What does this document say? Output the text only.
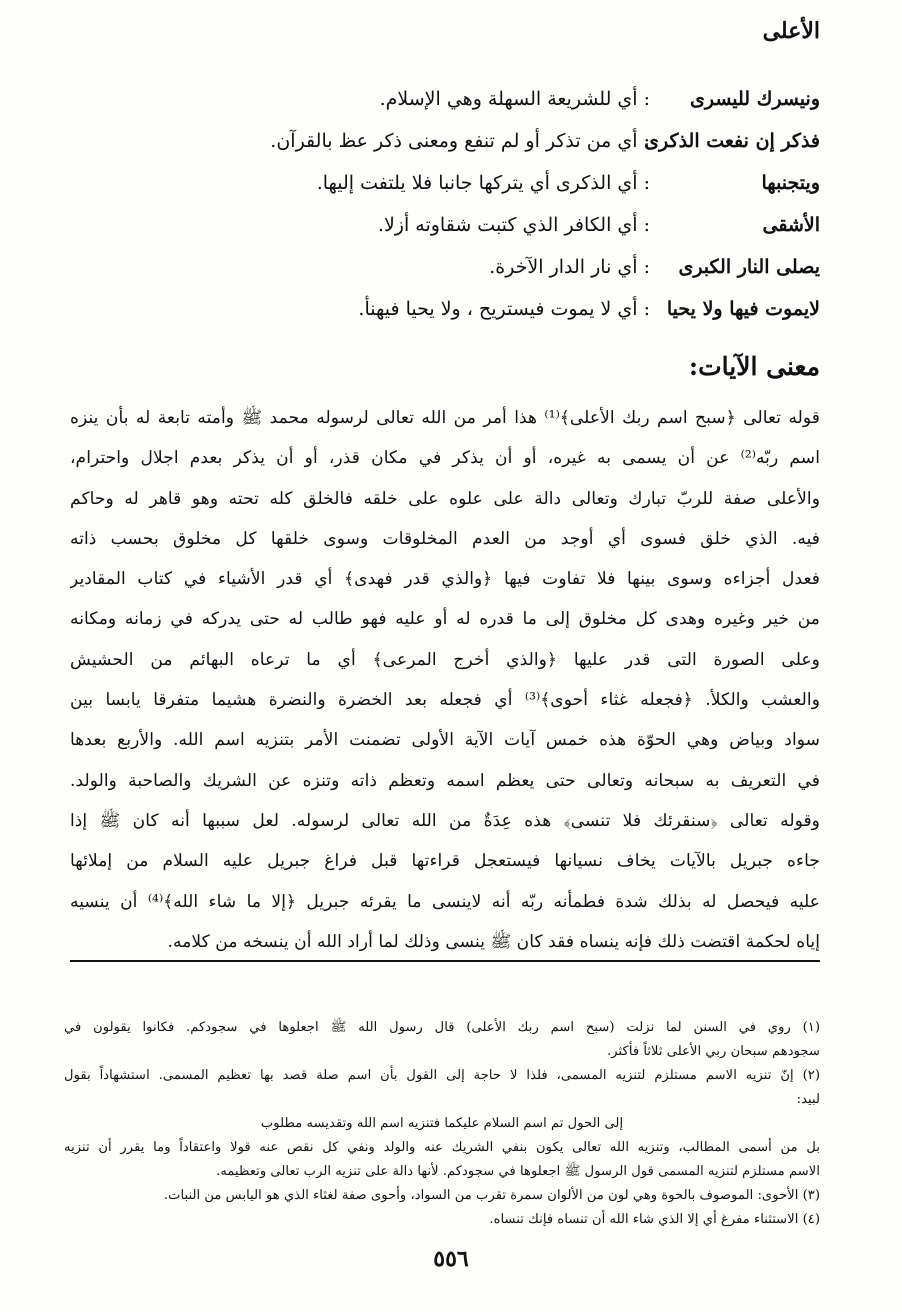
الأعلى
ونيسرك لليسرى
: أي للشريعة السهلة وهي الإسلام.
فذكر إن نفعت الذكرى
: أي من تذكر أو لم تنفع ومعنى ذكر عظ بالقرآن.
ويتجنبها
: أي الذكرى أي يتركها جانبا فلا يلتفت إليها.
الأشقى
: أي الكافر الذي كتبت شقاوته أزلا.
يصلى النار الكبرى
: أي نار الدار الآخرة.
لايموت فيها ولا يحيا
: أي لا يموت فيستريح ، ولا يحيا فيهنأ.
معنى الآيات:
قوله تعالى ﴿سبح اسم ربك الأعلى﴾⁽¹⁾ هذا أمر من الله تعالى لرسوله محمد ﷺ وأمته تابعة له بأن ينزه
اسم ربّه⁽²⁾ عن أن يسمى به غيره، أو أن يذكر في مكان قذر، أو أن يذكر بعدم اجلال واحترام،
والأعلى صفة للربّ تبارك وتعالى دالة على علوه على خلقه فالخلق كله تحته وهو قاهر له وحاكم
فيه. الذي خلق فسوى أي أوجد من العدم المخلوقات وسوى خلقها كل مخلوق بحسب ذاته
فعدل أجزاءه وسوى بينها فلا تفاوت فيها ﴿والذي قدر فهدى﴾ أي قدر الأشياء في كتاب المقادير
من خير وغيره وهدى كل مخلوق إلى ما قدره له أو عليه فهو طالب له حتى يدركه في زمانه ومكانه
وعلى الصورة التى قدر عليها ﴿والذي أخرج المرعى﴾ أي ما ترعاه البهائم من الحشيش
والعشب والكلأ. ﴿فجعله غثاء أحوى﴾⁽³⁾ أي فجعله بعد الخضرة والنضرة هشيما متفرقا يابسا بين
سواد وبياض وهي الحوّة هذه خمس آيات الآية الأولى تضمنت الأمر بتنزيه اسم الله. والأربع بعدها
في التعريف به سبحانه وتعالى حتى يعظم اسمه وتعظم ذاته وتنزه عن الشريك والصاحبة والولد.
وقوله تعالى ﴿سنقرئك فلا تنسى﴾ هذه عِدَةٌ من الله تعالى لرسوله. لعل سببها أنه كان ﷺ إذا
جاءه جبريل بالآيات يخاف نسيانها فيستعجل قراءتها قبل فراغ جبريل عليه السلام من إملائها
عليه فيحصل له بذلك شدة فطمأنه ربّه أنه لاينسى ما يقرئه جبريل ﴿إلا ما شاء الله﴾⁽⁴⁾ أن ينسيه
إياه لحكمة اقتضت ذلك فإنه ينساه فقد كان ﷺ ينسى وذلك لما أراد الله أن ينسخه من كلامه.
(١) روي في السنن لما نزلت (سبح اسم ربك الأعلى) قال رسول الله ﷺ اجعلوها في سجودكم. فكانوا يقولون في
سجودهم سبحان ربي الأعلى ثلاثاً فأكثر.
(٢) إنّ تنزيه الاسم مستلزم لتنزيه المسمى، فلذا لا حاجة إلى القول بأن اسم صلة قصد بها تعظيم المسمى. استشهاداً بقول
لبيد:
إلى الحول تم اسم السلام عليكما فتنزيه اسم الله وتقديسه مطلوب
بل من أسمى المطالب، وتنزيه الله تعالى يكون بنفي الشريك عنه والولد ونفي كل نقص عنه قولا واعتقاداً وما يقرر أن تنزيه
الاسم مستلزم لتنزيه المسمى قول الرسول ﷺ اجعلوها في سجودكم. لأنها دالة على تنزيه الرب تعالى وتعظيمه.
(٣) الأحوى: الموصوف بالحوة وهي لون من الألوان سمرة تقرب من السواد، وأحوى صفة لغثاء الذي هو اليابس من النبات.
(٤) الاستثناء مفرغ أي إلا الذي شاء الله أن تنساه فإنك تنساه.
٥٥٦
